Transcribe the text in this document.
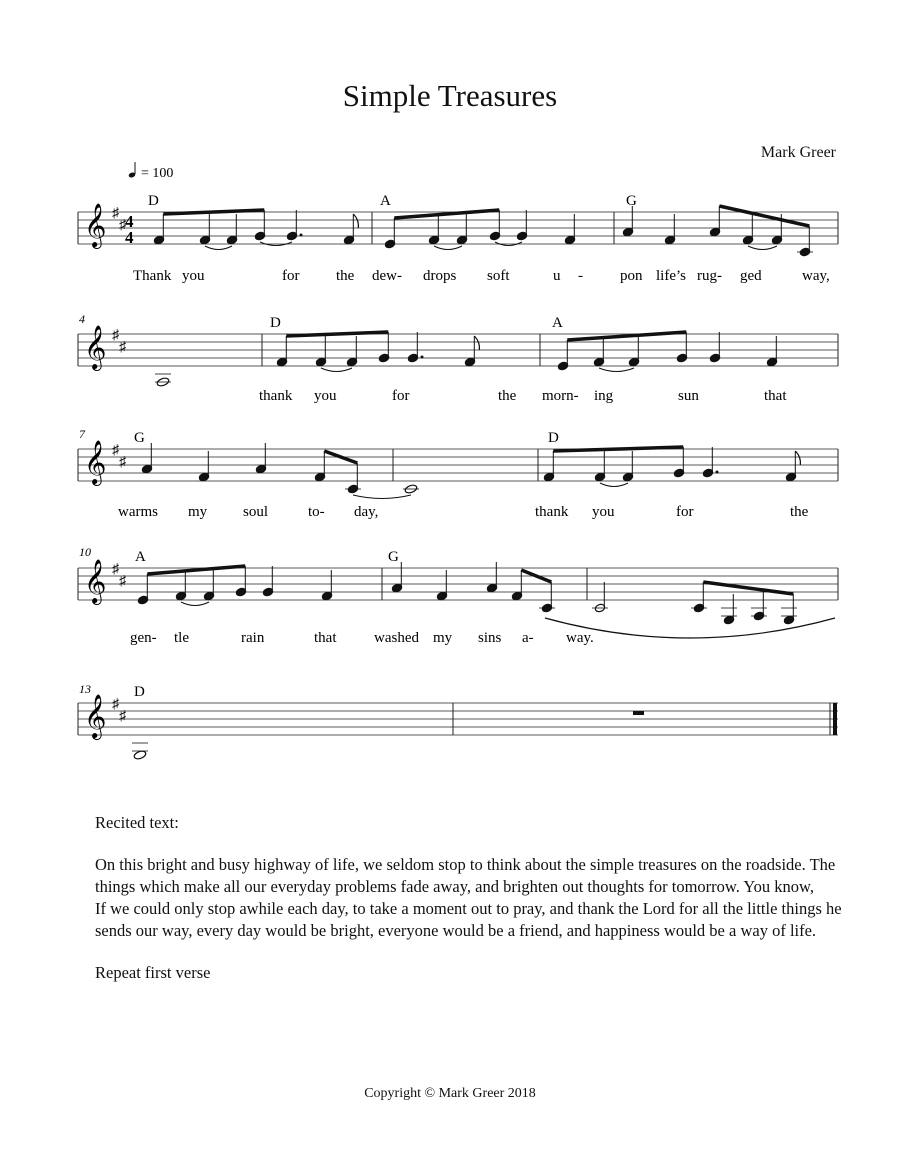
Simple Treasures
Mark Greer
= 100
♯
♯
𝄞
D	A	G
Thank you	for the dew- drops soft	u - pon life’s rug- ged	way,
4
♯
♯
𝄞
D	A
thank you	for	the morn- ing	sun	that
7
♯
♯
𝄞
G	D
warms my soul	to- day,	thank you	for	the
10
♯
♯
𝄞
A	G
gen- tle	rain	that	washed my sins a- way.
13
♯
♯
𝄞
D
4
4

Recited text:

On this bright and busy highway of life, we seldom stop to think about the simple treasures on the roadside. The things which make all our everyday problems fade away, and brighten out thoughts for tomorrow. You know,

If we could only stop awhile each day, to take a moment out to pray, and thank the Lord for all the little things he sends our way, every day would be bright, everyone would be a friend, and happiness would be a way of life.

Repeat first verse

Copyright © Mark Greer 2018
